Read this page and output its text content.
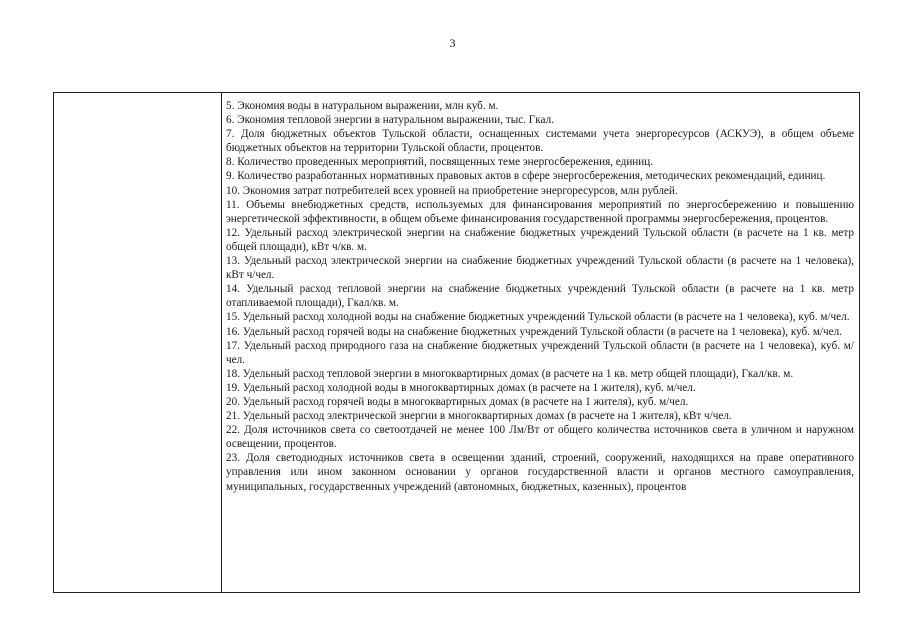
3

5. Экономия воды в натуральном выражении, млн куб. м.

6. Экономия тепловой энергии в натуральном выражении, тыс. Гкал.

7. Доля бюджетных объектов Тульской области, оснащенных системами учета энергоресурсов (АСКУЭ), в общем объеме бюджетных объектов на территории Тульской области, процентов.

8. Количество проведенных мероприятий, посвященных теме энергосбережения, единиц.

9. Количество разработанных нормативных правовых актов в сфере энергосбережения, методических рекомендаций, единиц.

10. Экономия затрат потребителей всех уровней на приобретение энергоресурсов, млн рублей.

11. Объемы внебюджетных средств, используемых для финансирования мероприятий по энергосбережению и повышению энергетической эффективности, в общем объеме финансирования государственной программы энергосбережения, процентов.

12. Удельный расход электрической энергии на снабжение бюджетных учреждений Тульской области (в расчете на 1 кв. метр общей площади), кВт ч/кв. м.

13. Удельный расход электрической энергии на снабжение бюджетных учреждений Тульской области (в расчете на 1 человека), кВт ч/чел.

14. Удельный расход тепловой энергии на снабжение бюджетных учреждений Тульской области (в расчете на 1 кв. метр отапливаемой площади), Гкал/кв. м.

15. Удельный расход холодной воды на снабжение бюджетных учреждений Тульской области (в расчете на 1 человека), куб. м/чел.

16. Удельный расход горячей воды на снабжение бюджетных учреждений Тульской области (в расчете на 1 человека), куб. м/чел.

17. Удельный расход природного газа на снабжение бюджетных учреждений Тульской области (в расчете на 1 человека), куб. м/чел.

18. Удельный расход тепловой энергии в многоквартирных домах (в расчете на 1 кв. метр общей площади), Гкал/кв. м.

19. Удельный расход холодной воды в многоквартирных домах (в расчете на 1 жителя), куб. м/чел.

20. Удельный расход горячей воды в многоквартирных домах (в расчете на 1 жителя), куб. м/чел.

21. Удельный расход электрической энергии в многоквартирных домах (в расчете на 1 жителя), кВт ч/чел.

22. Доля источников света со светоотдачей не менее 100 Лм/Вт от общего количества источников света в уличном и наружном освещении, процентов.

23. Доля светодиодных источников света в освещении зданий, строений, сооружений, находящихся на праве оперативного управления или ином законном основании у органов государственной власти и органов местного самоуправления, муниципальных, государственных учреждений (автономных, бюджетных, казенных), процентов
